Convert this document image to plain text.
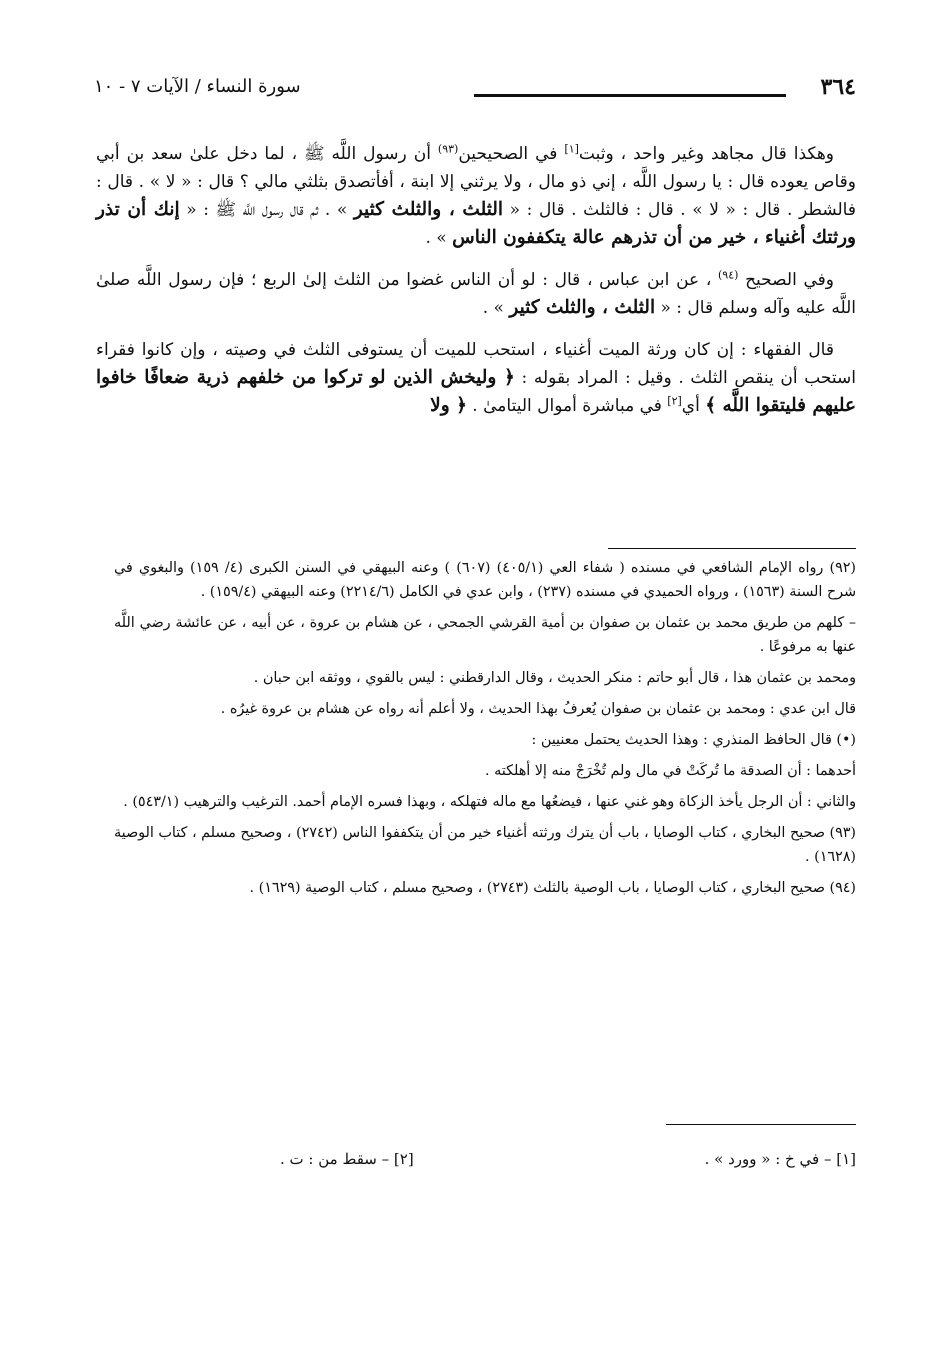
٣٦٤
سورة النساء / الآيات ٧ - ١٠

وهكذا قال مجاهد وغير واحد ، وثبت[١] في الصحيحين$^{(٩٣)}$ أن رسول اللَّه ﷺ ، لما دخل علىٰ سعد بن أبي وقاص يعوده قال : يا رسول اللَّه ، إني ذو مال ، ولا يرثني إلا ابنة ، أفأتصدق بثلثي مالي ؟ قال : « لا » . قال : فالشطر . قال : « لا » . قال : فالثلث . قال : « الثلث ، والثلث كثير » . ثم قال رسول اللَّه ﷺ : « إنك أن تذر ورثتك أغنياء ، خير من أن تذرهم عالة يتكففون الناس » .

وفي الصحيح $^{(٩٤)}$ ، عن ابن عباس ، قال : لو أن الناس غضوا من الثلث إلىٰ الربع ؛ فإن رسول اللَّه صلىٰ اللَّه عليه وآله وسلم قال : « الثلث ، والثلث كثير » .

قال الفقهاء : إن كان ورثة الميت أغنياء ، استحب للميت أن يستوفى الثلث في وصيته ، وإن كانوا فقراء استحب أن ينقص الثلث . وقيل : المراد بقوله : ﴿ وليخش الذين لو تركوا من خلفهم ذرية ضعافًا خافوا عليهم فليتقوا اللَّه ﴾ أي[٢] في مباشرة أموال اليتامىٰ . ﴿ ولا

(٩٢) رواه الإمام الشافعي في مسنده ( شفاء العي (٤٠٥/١) (٦٠٧) ) وعنه البيهقي في السنن الكبرى (٤/ ١٥٩) والبغوي في شرح السنة (١٥٦٣) ، ورواه الحميدي في مسنده (٢٣٧) ، وابن عدي في الكامل (٢٢١٤/٦) وعنه البيهقي (١٥٩/٤) .

– كلهم من طريق محمد بن عثمان بن صفوان بن أمية القرشي الجمحي ، عن هشام بن عروة ، عن أبيه ، عن عائشة رضي اللَّه عنها به مرفوعًا .

ومحمد بن عثمان هذا ، قال أبو حاتم : منكر الحديث ، وقال الدارقطني : ليس بالقوي ، ووثقه ابن حبان .

قال ابن عدي : ومحمد بن عثمان بن صفوان يُعرفُ بهذا الحديث ، ولا أعلم أنه رواه عن هشام بن عروة غيرُه .

(•) قال الحافظ المنذري : وهذا الحديث يحتمل معنيين :

أحدهما : أن الصدقة ما تُركَتْ في مال ولم تُخْرَجْ منه إلا أهلكته .

والثاني : أن الرجل يأخذ الزكاة وهو غني عنها ، فيضعُها مع ماله فتهلكه ، وبهذا فسره الإمام أحمد. الترغيب والترهيب (٥٤٣/١) .

(٩٣) صحيح البخاري ، كتاب الوصايا ، باب أن يترك ورثته أغنياء خير من أن يتكففوا الناس (٢٧٤٢) ، وصحيح مسلم ، كتاب الوصية (١٦٢٨) .

(٩٤) صحيح البخاري ، كتاب الوصايا ، باب الوصية بالثلث (٢٧٤٣) ، وصحيح مسلم ، كتاب الوصية (١٦٢٩) .

[١] – في خ : « وورد » .
[٢] – سقط من : ت .
